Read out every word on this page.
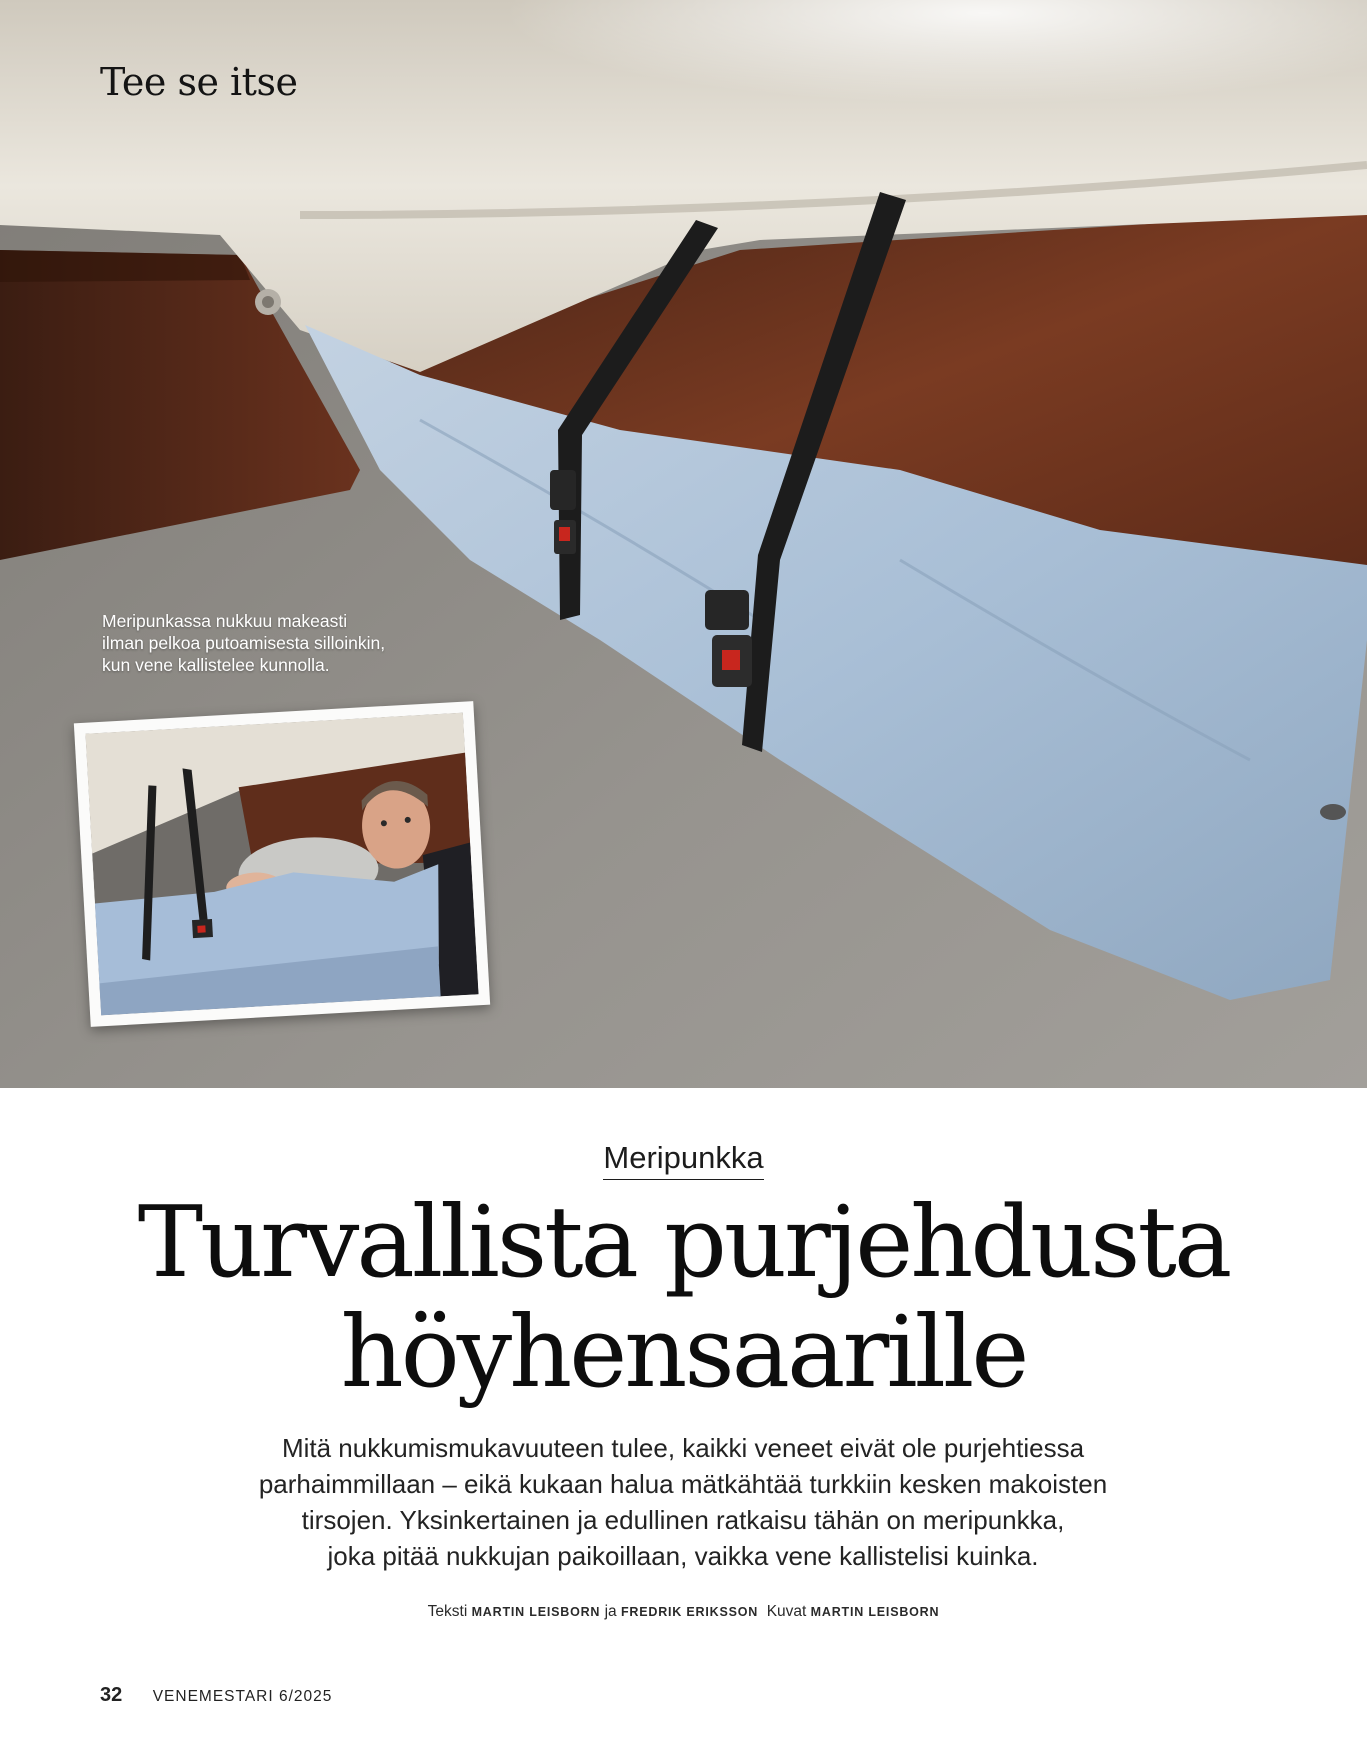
Tee se itse

Meripunkassa nukkuu makeasti
ilman pelkoa putoamisesta silloinkin,
kun vene kallistelee kunnolla.

Meripunkka
Turvallista purjehdusta
höyhensaarille

Mitä nukkumismukavuuteen tulee, kaikki veneet eivät ole purjehtiessa
parhaimmillaan – eikä kukaan halua mätkähtää turkkiin kesken makoisten
tirsojen. Yksinkertainen ja edullinen ratkaisu tähän on meripunkka,
joka pitää nukkujan paikoillaan, vaikka vene kallistelisi kuinka.

Teksti MARTIN LEISBORN ja FREDRIK ERIKSSON Kuvat MARTIN LEISBORN
32 VENEMESTARI 6/2025
